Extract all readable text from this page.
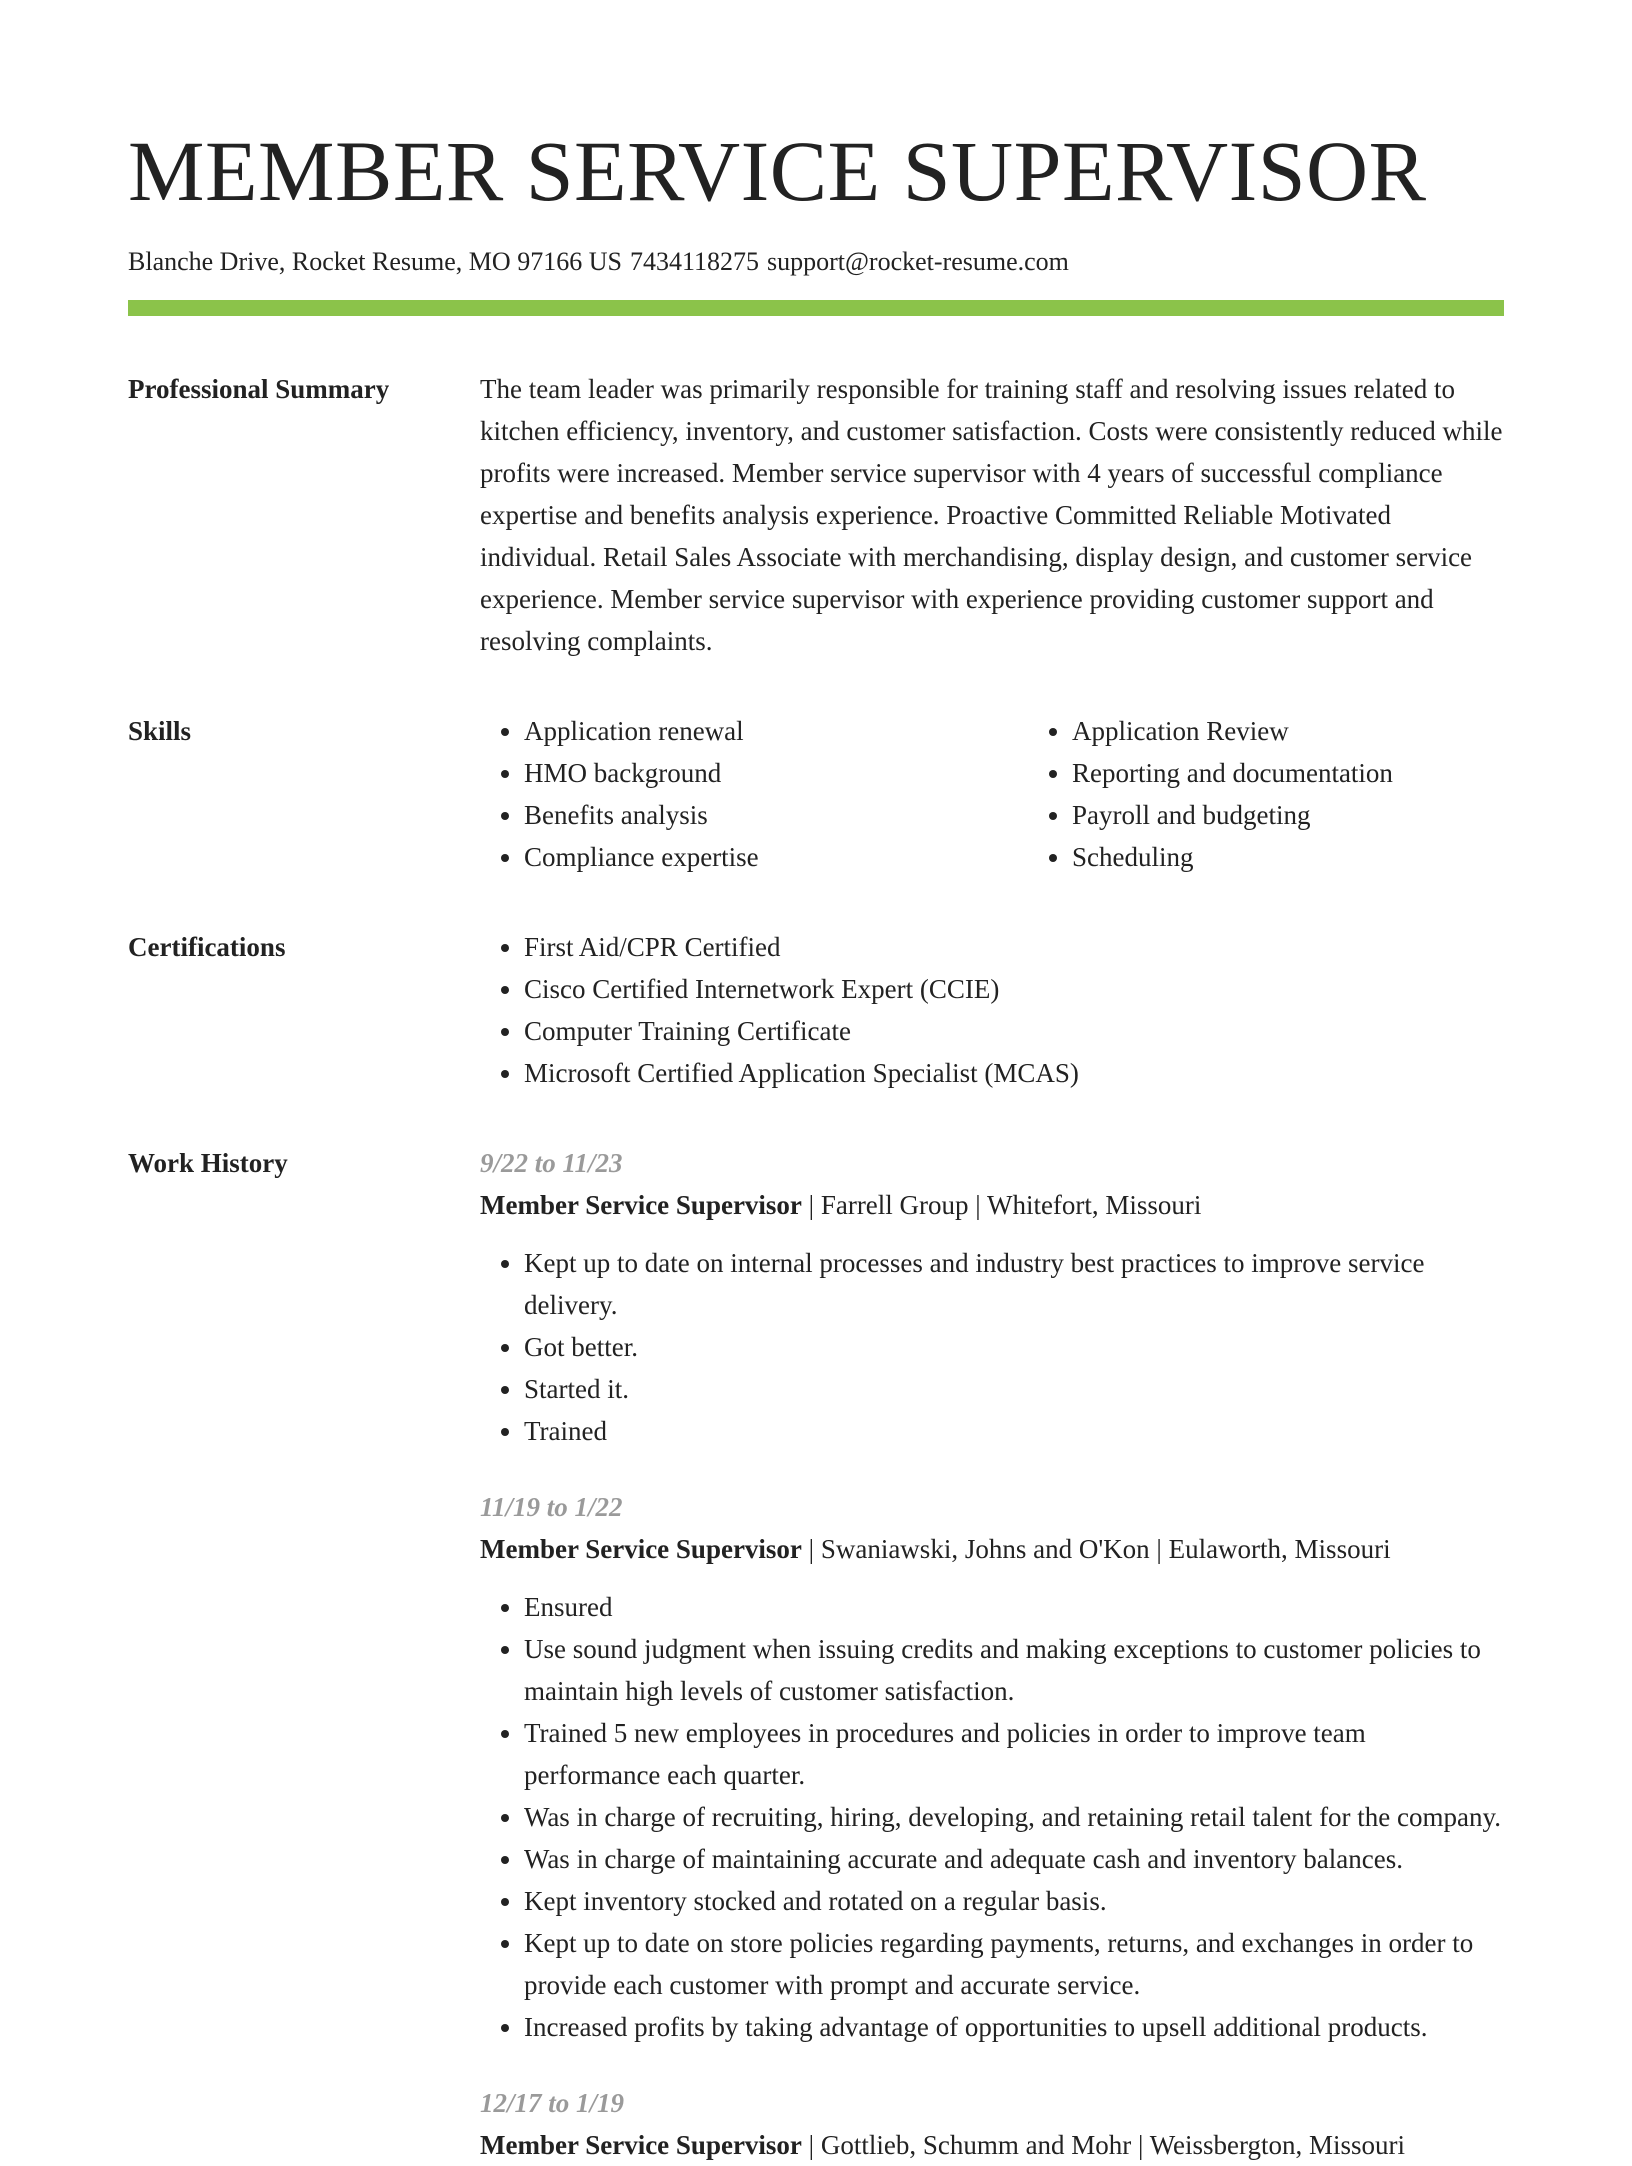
MEMBER SERVICE SUPERVISOR
Blanche Drive, Rocket Resume, MO 97166 US 7434118275 support@rocket-resume.com
Professional Summary	The team leader was primarily responsible for training staff and resolving issues related to kitchen efficiency, inventory, and customer satisfaction. Costs were consistently reduced while profits were increased. Member service supervisor with 4 years of successful compliance expertise and benefits analysis experience. Proactive Committed Reliable Motivated individual. Retail Sales Associate with merchandising, display design, and customer service experience. Member service supervisor with experience providing customer support and resolving complaints.

Skills	• Application renewal
• HMO background
• Benefits analysis
• Compliance expertise
• Application Review
• Reporting and documentation
• Payroll and budgeting
• Scheduling
Certifications	• First Aid/CPR Certified
• Cisco Certified Internetwork Expert (CCIE)
• Computer Training Certificate
• Microsoft Certified Application Specialist (MCAS)
Work History	9/22 to 11/23
Member Service Supervisor | Farrell Group | Whitefort, Missouri
• Kept up to date on internal processes and industry best practices to improve service delivery.
• Got better.
• Started it.
• Trained
11/19 to 1/22
Member Service Supervisor | Swaniawski, Johns and O'Kon | Eulaworth, Missouri
• Ensured
• Use sound judgment when issuing credits and making exceptions to customer policies to maintain high levels of customer satisfaction.
• Trained 5 new employees in procedures and policies in order to improve team performance each quarter.
• Was in charge of recruiting, hiring, developing, and retaining retail talent for the company.
• Was in charge of maintaining accurate and adequate cash and inventory balances.
• Kept inventory stocked and rotated on a regular basis.
• Kept up to date on store policies regarding payments, returns, and exchanges in order to provide each customer with prompt and accurate service.
• Increased profits by taking advantage of opportunities to upsell additional products.
12/17 to 1/19
Member Service Supervisor | Gottlieb, Schumm and Mohr | Weissbergton, Missouri
